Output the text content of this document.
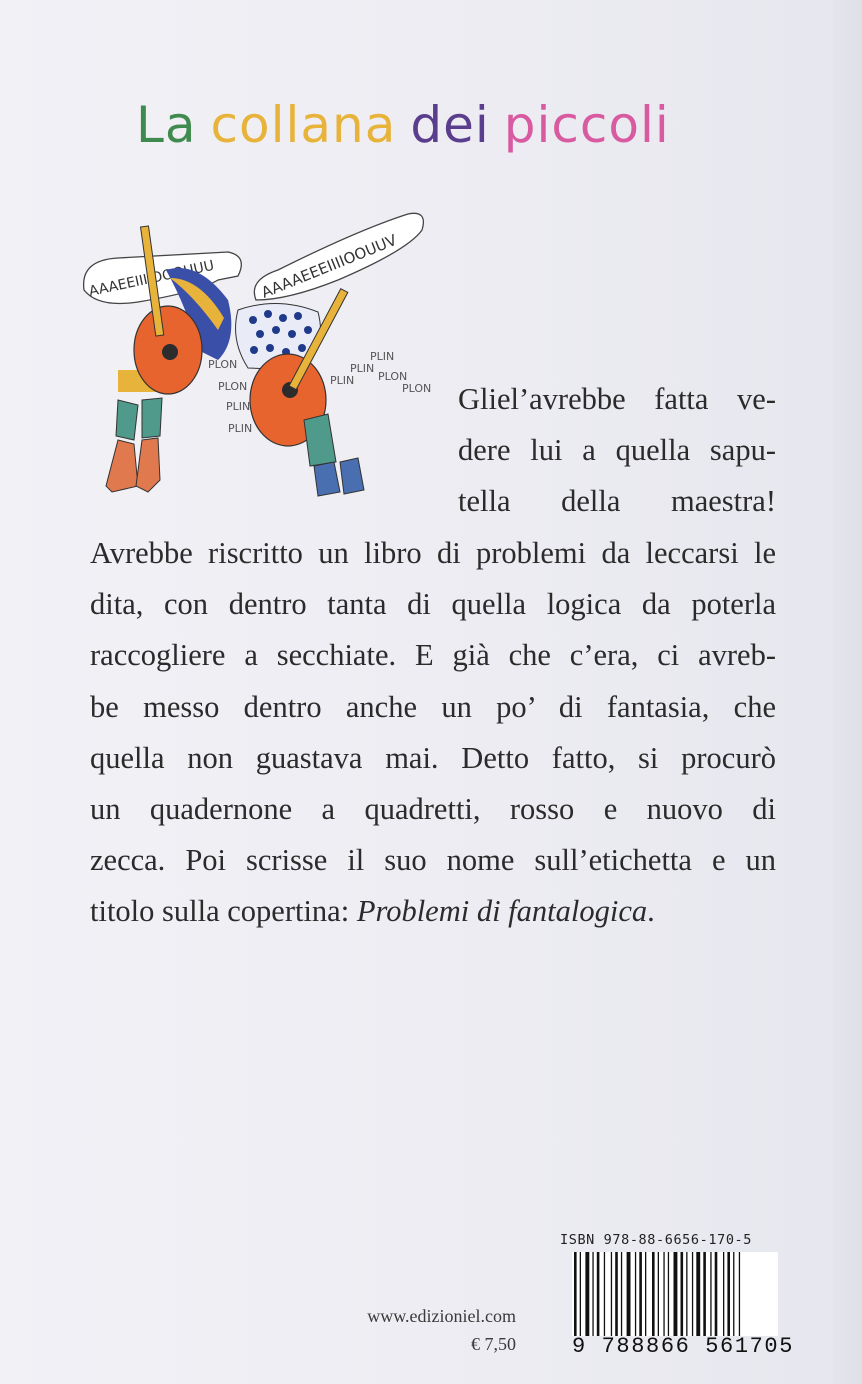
La collana dei piccoli
AAAAEEEIIIIOOUUV
PLON
PLON
PLIN
PLIN
PLIN
PLIN
PLIN
PLON
PLON Gliel’avrebbe fatta ve-
dere lui a quella sapu-
tella della maestra!
Avrebbe riscritto un libro di problemi da leccarsi le
dita, con dentro tanta di quella logica da poterla
raccogliere a secchiate. E già che c’era, ci avreb-
be messo dentro anche un po’ di fantasia, che
quella non guastava mai. Detto fatto, si procurò
un quadernone a quadretti, rosso e nuovo di
zecca. Poi scrisse il suo nome sull’etichetta e un
titolo sulla copertina: Problemi di fantalogica.
www.edizioniel.com
€ 7,50
ISBN 978-88-6656-170-5
9 788866 561705
